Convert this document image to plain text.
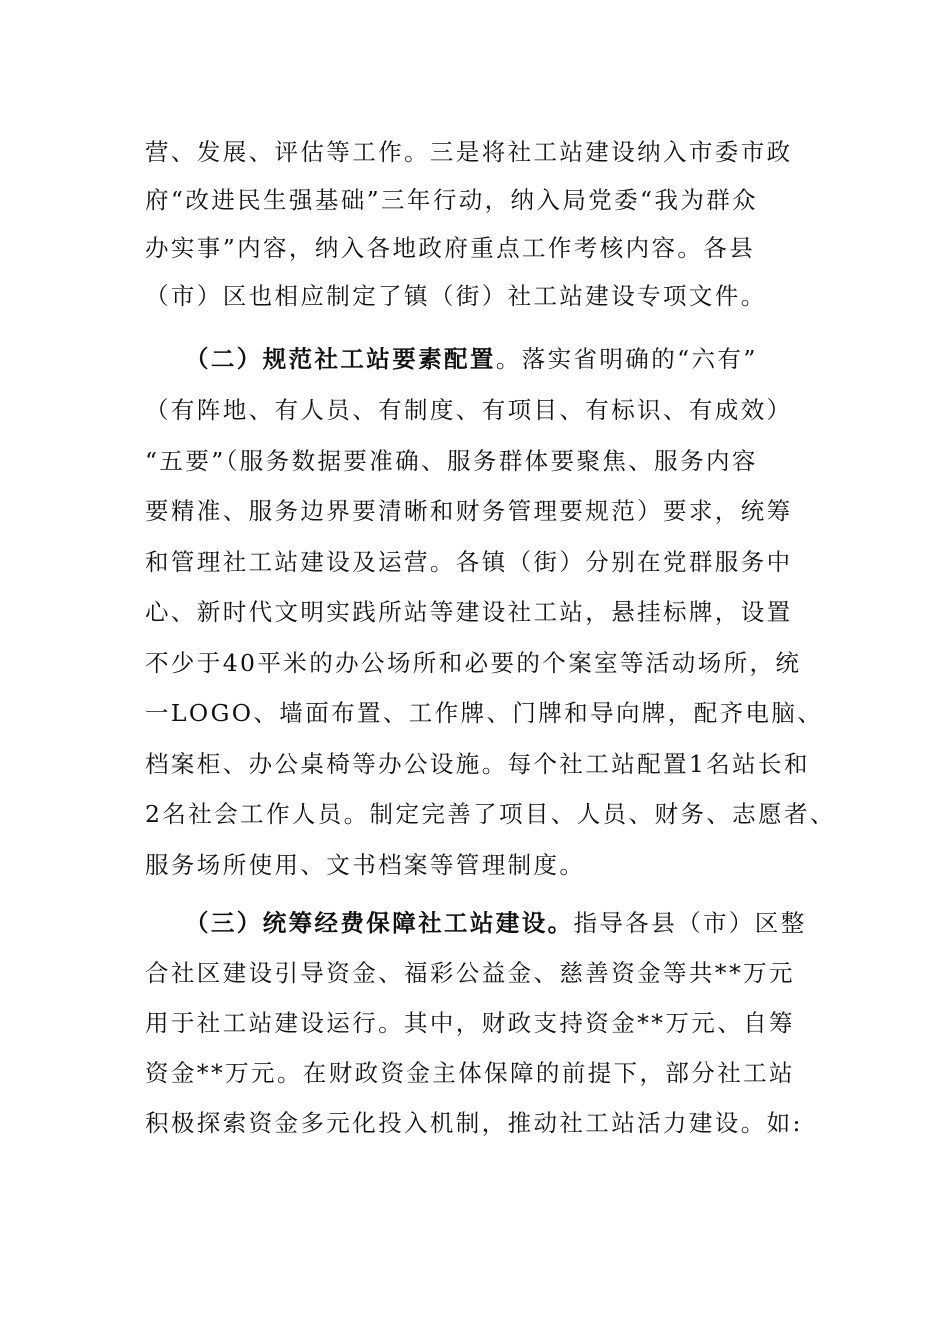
营、发展、评估等工作。三是将社工站建设纳入市委市政
府“改进民生强基础”三年行动，纳入局党委“我为群众
办实事”内容，纳入各地政府重点工作考核内容。各县
（市）区也相应制定了镇（街）社工站建设专项文件。
（二）规范社工站要素配置。落实省明确的“六有”
（有阵地、有人员、有制度、有项目、有标识、有成效）
“五要”（服务数据要准确、服务群体要聚焦、服务内容
要精准、服务边界要清晰和财务管理要规范）要求，统筹
和管理社工站建设及运营。各镇（街）分别在党群服务中
心、新时代文明实践所站等建设社工站，悬挂标牌，设置
不少于40平米的办公场所和必要的个案室等活动场所，统
一LOGO、墙面布置、工作牌、门牌和导向牌，配齐电脑、
档案柜、办公桌椅等办公设施。每个社工站配置1名站长和
2名社会工作人员。制定完善了项目、人员、财务、志愿者、
服务场所使用、文书档案等管理制度。
（三）统筹经费保障社工站建设。指导各县（市）区整
合社区建设引导资金、福彩公益金、慈善资金等共**万元
用于社工站建设运行。其中，财政支持资金**万元、自筹
资金**万元。在财政资金主体保障的前提下，部分社工站
积极探索资金多元化投入机制，推动社工站活力建设。如:
